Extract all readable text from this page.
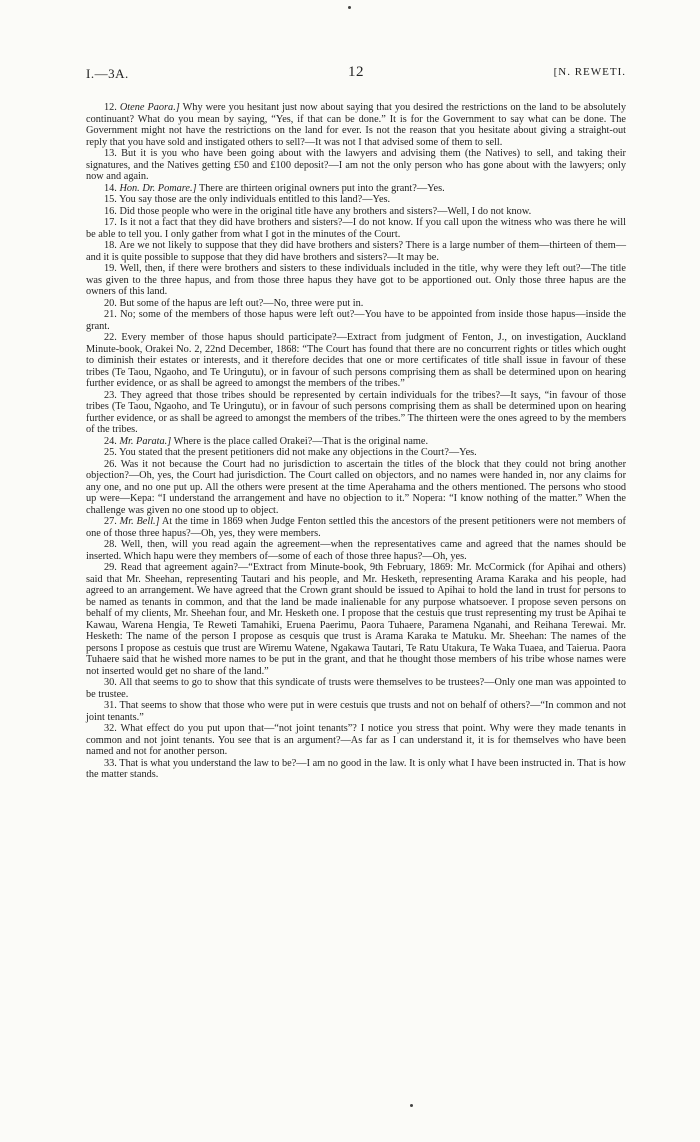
I.—3A.	12	[N. REWETI.

12. Otene Paora.] Why were you hesitant just now about saying that you desired the restrictions on the land to be absolutely continuant? What do you mean by saying, “Yes, if that can be done.” It is for the Government to say what can be done. The Government might not have the restrictions on the land for ever. Is not the reason that you hesitate about giving a straight-out reply that you have sold and instigated others to sell?—It was not I that advised some of them to sell.

13. But it is you who have been going about with the lawyers and advising them (the Natives) to sell, and taking their signatures, and the Natives getting £50 and £100 deposit?—I am not the only person who has gone about with the lawyers; only now and again.

14. Hon. Dr. Pomare.] There are thirteen original owners put into the grant?—Yes.

15. You say those are the only individuals entitled to this land?—Yes.

16. Did those people who were in the original title have any brothers and sisters?—Well, I do not know.

17. Is it not a fact that they did have brothers and sisters?—I do not know. If you call upon the witness who was there he will be able to tell you. I only gather from what I got in the minutes of the Court.

18. Are we not likely to suppose that they did have brothers and sisters? There is a large number of them—thirteen of them—and it is quite possible to suppose that they did have brothers and sisters?—It may be.

19. Well, then, if there were brothers and sisters to these individuals included in the title, why were they left out?—The title was given to the three hapus, and from those three hapus they have got to be apportioned out. Only those three hapus are the owners of this land.

20. But some of the hapus are left out?—No, three were put in.

21. No; some of the members of those hapus were left out?—You have to be appointed from inside those hapus—inside the grant.

22. Every member of those hapus should participate?—Extract from judgment of Fenton, J., on investigation, Auckland Minute-book, Orakei No. 2, 22nd December, 1868: “The Court has found that there are no concurrent rights or titles which ought to diminish their estates or interests, and it therefore decides that one or more certificates of title shall issue in favour of these tribes (Te Taou, Ngaoho, and Te Uringutu), or in favour of such persons comprising them as shall be determined upon on hearing further evidence, or as shall be agreed to amongst the members of the tribes.”

23. They agreed that those tribes should be represented by certain individuals for the tribes?—It says, “in favour of those tribes (Te Taou, Ngaoho, and Te Uringutu), or in favour of such persons comprising them as shall be determined upon on hearing further evidence, or as shall be agreed to amongst the members of the tribes.” The thirteen were the ones agreed to by the members of the tribes.

24. Mr. Parata.] Where is the place called Orakei?—That is the original name.

25. You stated that the present petitioners did not make any objections in the Court?—Yes.

26. Was it not because the Court had no jurisdiction to ascertain the titles of the block that they could not bring another objection?—Oh, yes, the Court had jurisdiction. The Court called on objectors, and no names were handed in, nor any claims for any one, and no one put up. All the others were present at the time Aperahama and the others mentioned. The persons who stood up were—Kepa: “I understand the arrangement and have no objection to it.” Nopera: “I know nothing of the matter.” When the challenge was given no one stood up to object.

27. Mr. Bell.] At the time in 1869 when Judge Fenton settled this the ancestors of the present petitioners were not members of one of those three hapus?—Oh, yes, they were members.

28. Well, then, will you read again the agreement—when the representatives came and agreed that the names should be inserted. Which hapu were they members of—some of each of those three hapus?—Oh, yes.

29. Read that agreement again?—“Extract from Minute-book, 9th February, 1869: Mr. McCormick (for Apihai and others) said that Mr. Sheehan, representing Tautari and his people, and Mr. Hesketh, representing Arama Karaka and his people, had agreed to an arrangement. We have agreed that the Crown grant should be issued to Apihai to hold the land in trust for persons to be named as tenants in common, and that the land be made inalienable for any purpose whatsoever. I propose seven persons on behalf of my clients, Mr. Sheehan four, and Mr. Hesketh one. I propose that the cestuis que trust representing my trust be Apihai te Kawau, Warena Hengia, Te Reweti Tamahiki, Eruena Paerimu, Paora Tuhaere, Paramena Nganahi, and Reihana Terewai. Mr. Hesketh: The name of the person I propose as cesquis que trust is Arama Karaka te Matuku. Mr. Sheehan: The names of the persons I propose as cestuis que trust are Wiremu Watene, Ngakawa Tautari, Te Ratu Utakura, Te Waka Tuaea, and Taierua. Paora Tuhaere said that he wished more names to be put in the grant, and that he thought those members of his tribe whose names were not inserted would get no share of the land.”

30. All that seems to go to show that this syndicate of trusts were themselves to be trustees?—Only one man was appointed to be trustee.

31. That seems to show that those who were put in were cestuis que trusts and not on behalf of others?—“In common and not joint tenants.”

32. What effect do you put upon that—“not joint tenants”? I notice you stress that point. Why were they made tenants in common and not joint tenants. You see that is an argument?—As far as I can understand it, it is for themselves who have been named and not for another person.

33. That is what you understand the law to be?—I am no good in the law. It is only what I have been instructed in. That is how the matter stands.
